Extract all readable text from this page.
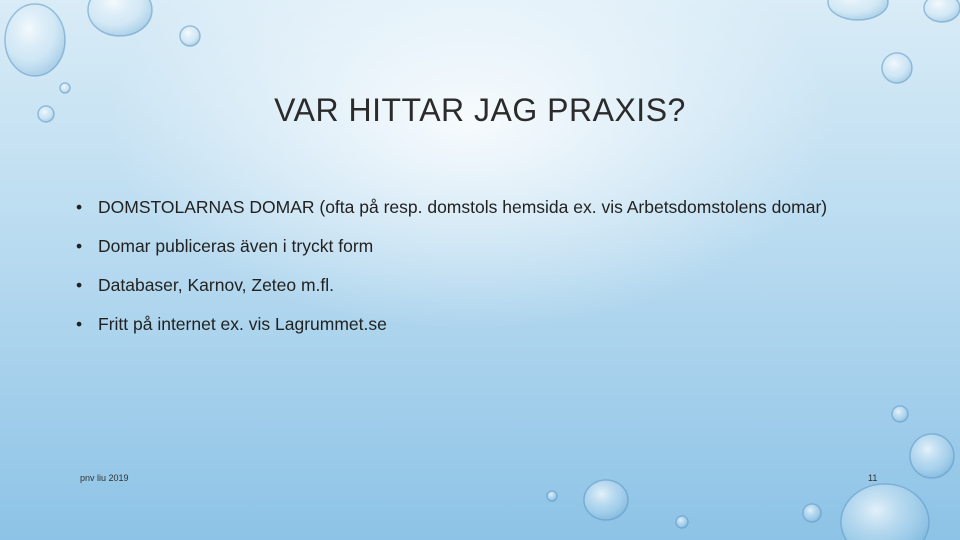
VAR HITTAR JAG PRAXIS?
• DOMSTOLARNAS DOMAR (ofta på resp. domstols hemsida ex. vis Arbetsdomstolens domar)
• Domar publiceras även i tryckt form
• Databaser, Karnov, Zeteo m.fl.
• Fritt på internet ex. vis Lagrummet.se
pnv liu 2019	11
